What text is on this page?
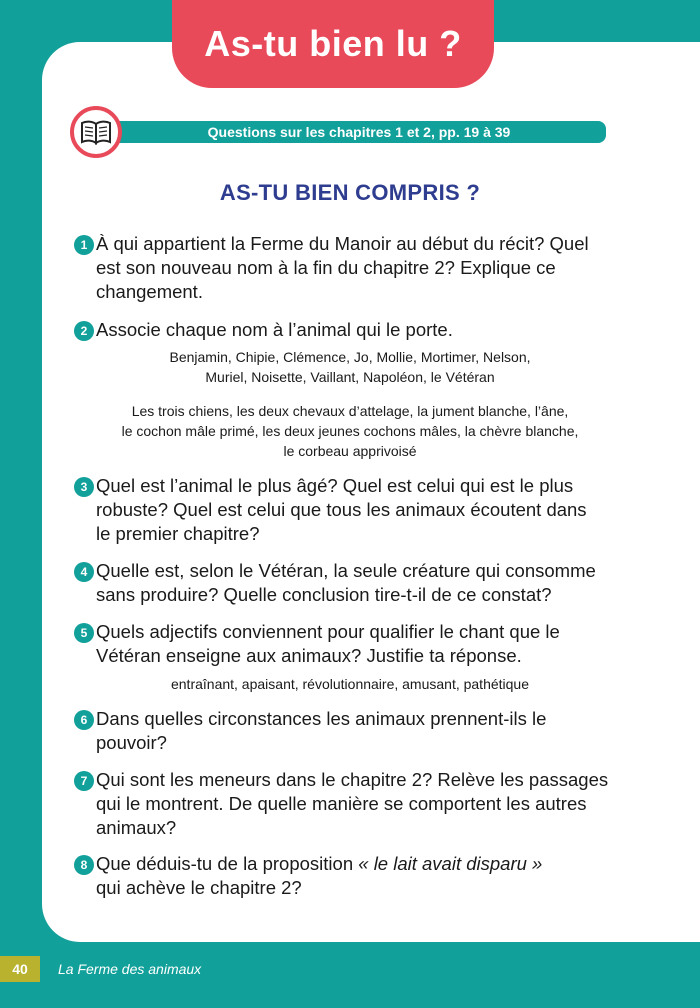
As-tu bien lu ?
Questions sur les chapitres 1 et 2, pp. 19 à 39
AS-TU BIEN COMPRIS ?
1 À qui appartient la Ferme du Manoir au début du récit? Quel
est son nouveau nom à la fin du chapitre 2? Explique ce
changement.
2 Associe chaque nom à l’animal qui le porte.
Benjamin, Chipie, Clémence, Jo, Mollie, Mortimer, Nelson,
Muriel, Noisette, Vaillant, Napoléon, le Vétéran
Les trois chiens, les deux chevaux d’attelage, la jument blanche, l’âne,
le cochon mâle primé, les deux jeunes cochons mâles, la chèvre blanche,
le corbeau apprivoisé
3 Quel est l’animal le plus âgé? Quel est celui qui est le plus
robuste? Quel est celui que tous les animaux écoutent dans
le premier chapitre?
4 Quelle est, selon le Vétéran, la seule créature qui consomme
sans produire? Quelle conclusion tire-t-il de ce constat?
5 Quels adjectifs conviennent pour qualifier le chant que le
Vétéran enseigne aux animaux? Justifie ta réponse.
entraînant, apaisant, révolutionnaire, amusant, pathétique
6 Dans quelles circonstances les animaux prennent-ils le
pouvoir?
7 Qui sont les meneurs dans le chapitre 2? Relève les passages
qui le montrent. De quelle manière se comportent les autres
animaux?
8 Que déduis-tu de la proposition « le lait avait disparu »
qui achève le chapitre 2?
40	La Ferme des animaux
